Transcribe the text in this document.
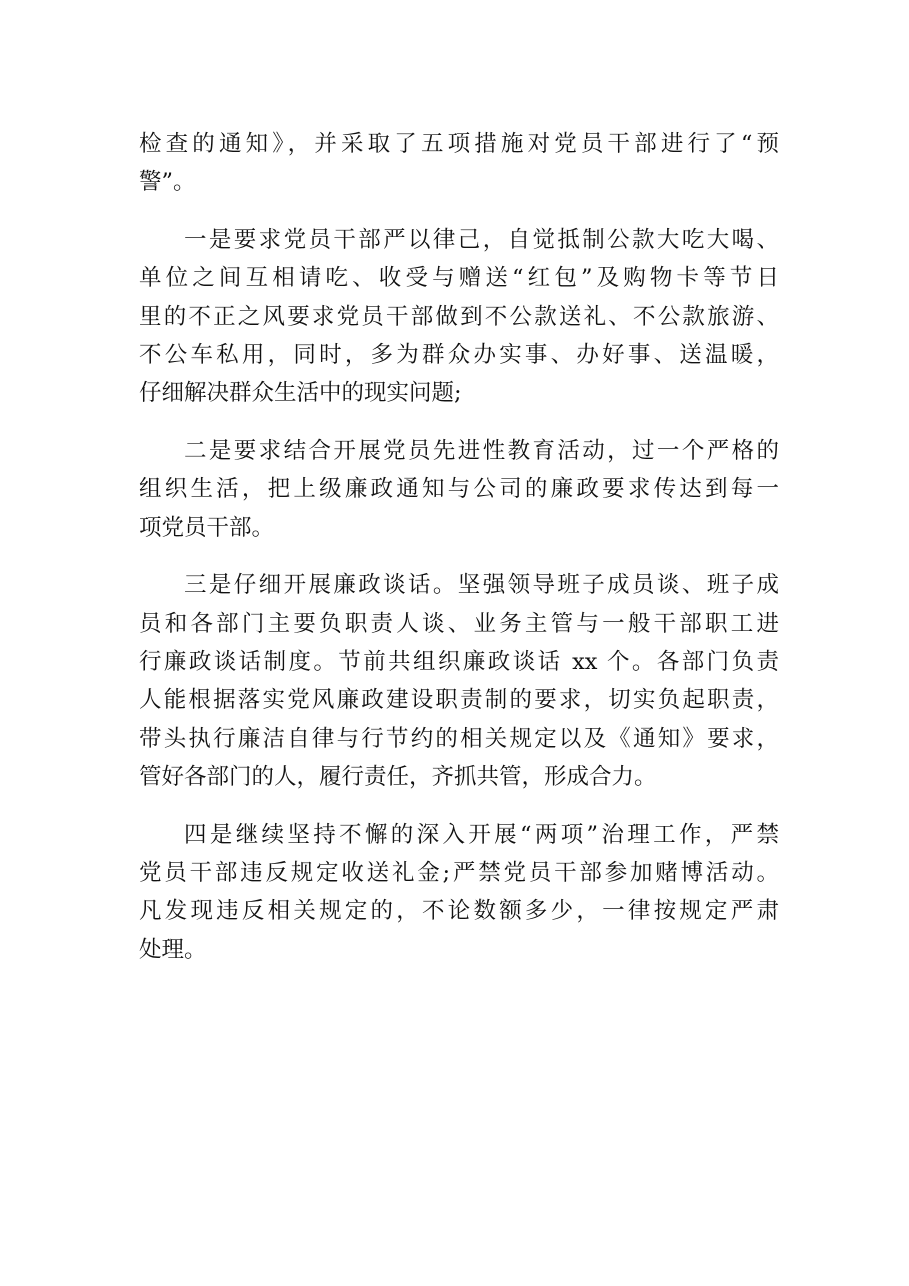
检查的通知》，并采取了五项措施对党员干部进行了“预
警”。
一是要求党员干部严以律己，自觉抵制公款大吃大喝、
单位之间互相请吃、收受与赠送“红包”及购物卡等节日
里的不正之风要求党员干部做到不公款送礼、不公款旅游、
不公车私用，同时，多为群众办实事、办好事、送温暖，
仔细解决群众生活中的现实问题;
二是要求结合开展党员先进性教育活动，过一个严格的
组织生活，把上级廉政通知与公司的廉政要求传达到每一
项党员干部。
三是仔细开展廉政谈话。坚强领导班子成员谈、班子成
员和各部门主要负职责人谈、业务主管与一般干部职工进
行廉政谈话制度。节前共组织廉政谈话 xx 个。各部门负责
人能根据落实党风廉政建设职责制的要求，切实负起职责，
带头执行廉洁自律与行节约的相关规定以及《通知》要求，
管好各部门的人，履行责任，齐抓共管，形成合力。
四是继续坚持不懈的深入开展“两项”治理工作，严禁
党员干部违反规定收送礼金;严禁党员干部参加赌博活动。
凡发现违反相关规定的，不论数额多少，一律按规定严肃
处理。
